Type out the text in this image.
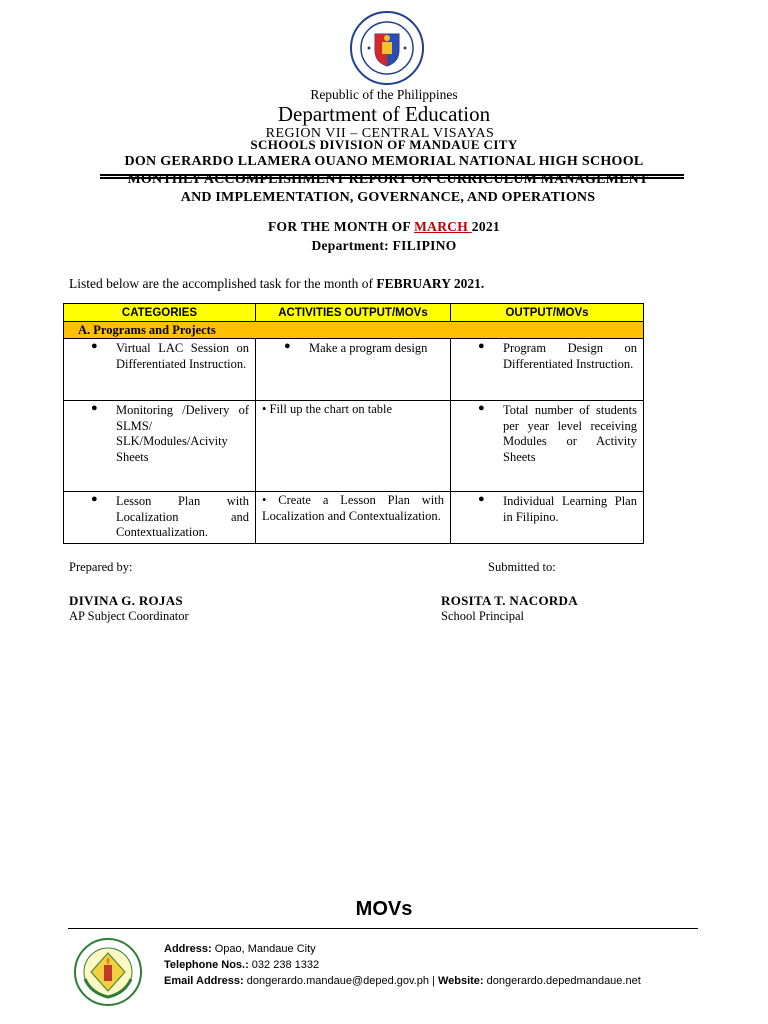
Republic of the Philippines
Department of Education
REGION VII – CENTRAL VISAYAS
SCHOOLS DIVISION OF MANDAUE CITY
DON GERARDO LLAMERA OUANO MEMORIAL NATIONAL HIGH SCHOOL
MONTHLY ACCOMPLISHMENT REPORT ON CURRICULUM MANAGEMENT
AND IMPLEMENTATION, GOVERNANCE, AND OPERATIONS
FOR THE MONTH OF MARCH 2021
Department: FILIPINO
Listed below are the accomplished task for the month of FEBRUARY 2021.
CATEGORIES	ACTIVITIES OUTPUT/MOVs	OUTPUT/MOVs
A. Programs and Projects		

● Virtual LAC Session on Differentiated Instruction.	● Make a program design	● Program Design on Differentiated Instruction.

● Monitoring /Delivery of SLMS/ SLK/Modules/Acivity Sheets	• Fill up the chart on table	● Total number of students per year level receiving Modules or Activity Sheets

● Lesson Plan with Localization and Contextualization.	• Create a Lesson Plan with Localization and Contextualization.	● Individual Learning Plan in Filipino.
Prepared by:	Submitted to:
DIVINA G. ROJAS
AP Subject Coordinator
ROSITA T. NACORDA
School Principal
MOVs
Address: Opao, Mandaue City
Telephone Nos.: 032 238 1332
Email Address: dongerardo.mandaue@deped.gov.ph | Website: dongerardo.depedmandaue.net
